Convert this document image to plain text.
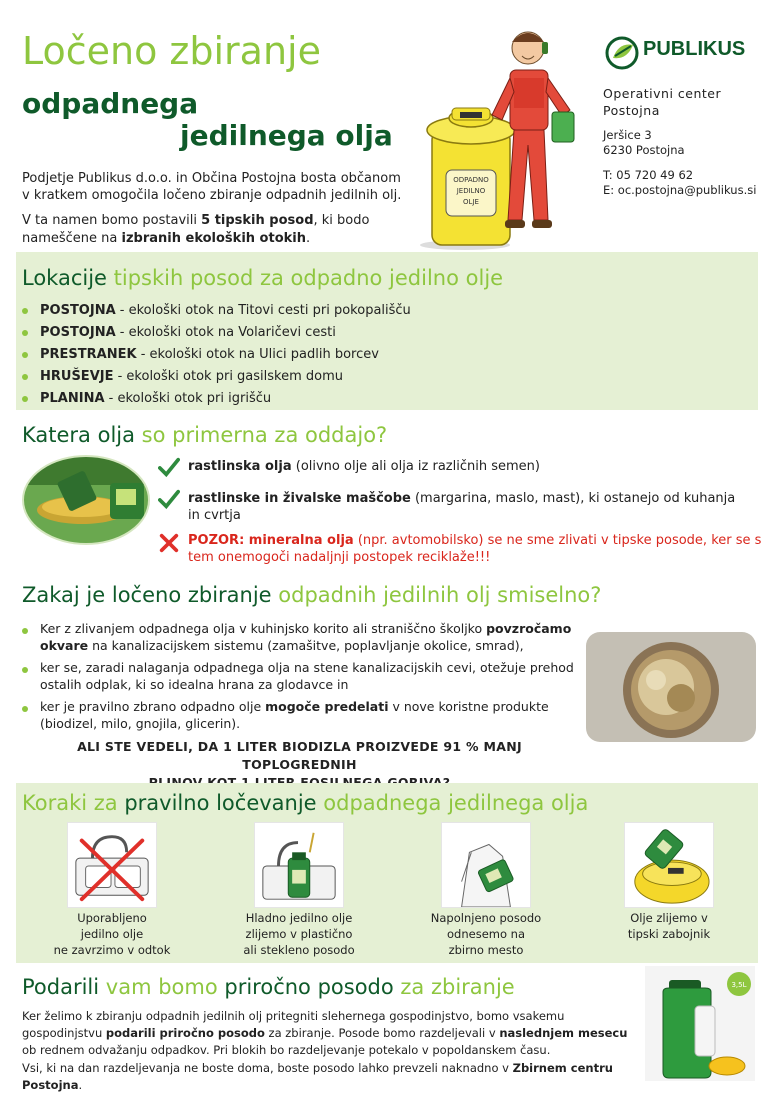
Ločeno zbiranje
odpadnega
jedilnega olja

Podjetje Publikus d.o.o. in Občina Postojna bosta občanom v kratkem omogočila ločeno zbiranje odpadnih jedilnih olj.

V ta namen bomo postavili 5 tipskih posod, ki bodo nameščene na izbranih ekoloških otokih.

ODPADNO
JEDILNO
OLJE
PUBLIKUS
Operativni center
Postojna
Jeršice 3
6230 Postojna
T: 05 720 49 62
E: oc.postojna@publikus.si
Lokacije tipskih posod za odpadno jedilno olje
POSTOJNA - ekološki otok na Titovi cesti pri pokopališču
POSTOJNA - ekološki otok na Volaričevi cesti
PRESTRANEK - ekološki otok na Ulici padlih borcev
HRUŠEVJE - ekološki otok pri gasilskem domu
PLANINA - ekološki otok pri igrišču
Katera olja so primerna za oddajo?
rastlinska olja (olivno olje ali olja iz različnih semen)
rastlinske in živalske maščobe (margarina, maslo, mast), ki ostanejo od kuhanja in cvrtja
POZOR: mineralna olja (npr. avtomobilsko) se ne sme zlivati v tipske posode, ker se s tem onemogoči nadaljnji postopek reciklaže!!!
Zakaj je ločeno zbiranje odpadnih jedilnih olj smiselno?
Ker z zlivanjem odpadnega olja v kuhinjsko korito ali straniščno školjko povzročamo okvare na kanalizacijskem sistemu (zamašitve, poplavljanje okolice, smrad),
ker se, zaradi nalaganja odpadnega olja na stene kanalizacijskih cevi, otežuje prehod ostalih odplak, ki so idealna hrana za glodavce in
ker je pravilno zbrano odpadno olje mogoče predelati v nove koristne produkte (biodizel, milo, gnojila, glicerin).
ALI STE VEDELI, DA 1 LITER BIODIZLA PROIZVEDE 91 % MANJ TOPLOGREDNIH
Koraki za pravilno ločevanje odpadnega jedilnega olja
Uporabljeno
jedilno olje
ne zavrzimo v odtok
Hladno jedilno olje
zlijemo v plastično
ali stekleno posodo
Napolnjeno posodo
odnesemo na
zbirno mesto
Olje zlijemo v
tipski zabojnik
Podarili vam bomo priročno posodo za zbiranje

Ker želimo k zbiranju odpadnih jedilnih olj pritegniti slehernega gospodinjstvo, bomo vsakemu gospodinjstvu podarili priročno posodo za zbiranje. Posode bomo razdeljevali v naslednjem mesecu ob rednem odvažanju odpadkov. Pri blokih bo razdeljevanje potekalo v popoldanskem času.

Vsi, ki na dan razdeljevanja ne boste doma, boste posodo lahko prevzeli naknadno v Zbirnem centru Postojna.

3,5L
